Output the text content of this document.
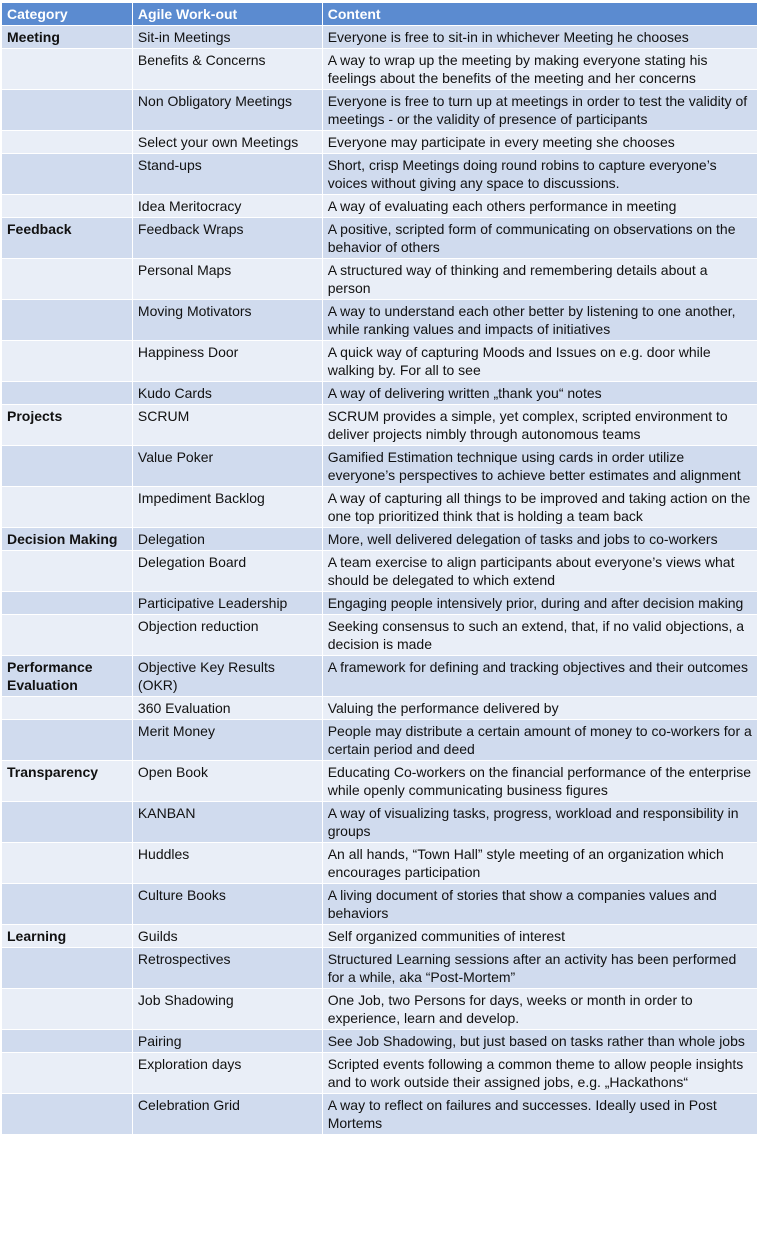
Category	Agile Work-out	Content
Meeting	Sit-in Meetings	Everyone is free to sit-in in whichever Meeting he chooses
	Benefits & Concerns	A way to wrap up the meeting by making everyone stating his feelings about the benefits of the meeting and her concerns
	Non Obligatory Meetings	Everyone is free to turn up at meetings in order to test the validity of meetings - or the validity of presence of participants
	Select your own Meetings	Everyone may participate in every meeting she chooses
	Stand-ups	Short, crisp Meetings doing round robins to capture everyone’s voices without giving any space to discussions.
	Idea Meritocracy	A way of evaluating each others performance in meeting
Feedback	Feedback Wraps	A positive, scripted form of communicating on observations on the behavior of others
	Personal Maps	A structured way of thinking and remembering details about a person
	Moving Motivators	A way to understand each other better by listening to one another, while ranking values and impacts of initiatives
	Happiness Door	A quick way of capturing Moods and Issues on e.g. door while walking by. For all to see
	Kudo Cards	A way of delivering written „thank you“ notes
Projects	SCRUM	SCRUM provides a simple, yet complex, scripted environment to deliver projects nimbly through autonomous teams
	Value Poker	Gamified Estimation technique using cards in order utilize everyone’s perspectives to achieve better estimates and alignment
	Impediment Backlog	A way of capturing all things to be improved and taking action on the one top prioritized think that is holding a team back
Decision Making	Delegation	More, well delivered delegation of tasks and jobs to co-workers
	Delegation Board	A team exercise to align participants about everyone’s views what should be delegated to which extend
	Participative Leadership	Engaging people intensively prior, during and after decision making
	Objection reduction	Seeking consensus to such an extend, that, if no valid objections, a decision is made
Performance Evaluation	Objective Key Results (OKR)	A framework for defining and tracking objectives and their outcomes
	360 Evaluation	Valuing the performance delivered by
	Merit Money	People may distribute a certain amount of money to co-workers for a certain period and deed
Transparency	Open Book	Educating Co-workers on the financial performance of the enterprise while openly communicating business figures
	KANBAN	A way of visualizing tasks, progress, workload and responsibility in groups
	Huddles	An all hands, “Town Hall” style meeting of an organization which encourages participation
	Culture Books	A living document of stories that show a companies values and behaviors
Learning	Guilds	Self organized communities of interest
	Retrospectives	Structured Learning sessions after an activity has been performed for a while, aka “Post-Mortem”
	Job Shadowing	One Job, two Persons for days, weeks or month in order to experience, learn and develop.
	Pairing	See Job Shadowing, but just based on tasks rather than whole jobs
	Exploration days	Scripted events following a common theme to allow people insights and to work outside their assigned jobs, e.g. „Hackathons“
	Celebration Grid	A way to reflect on failures and successes. Ideally used in Post Mortems
